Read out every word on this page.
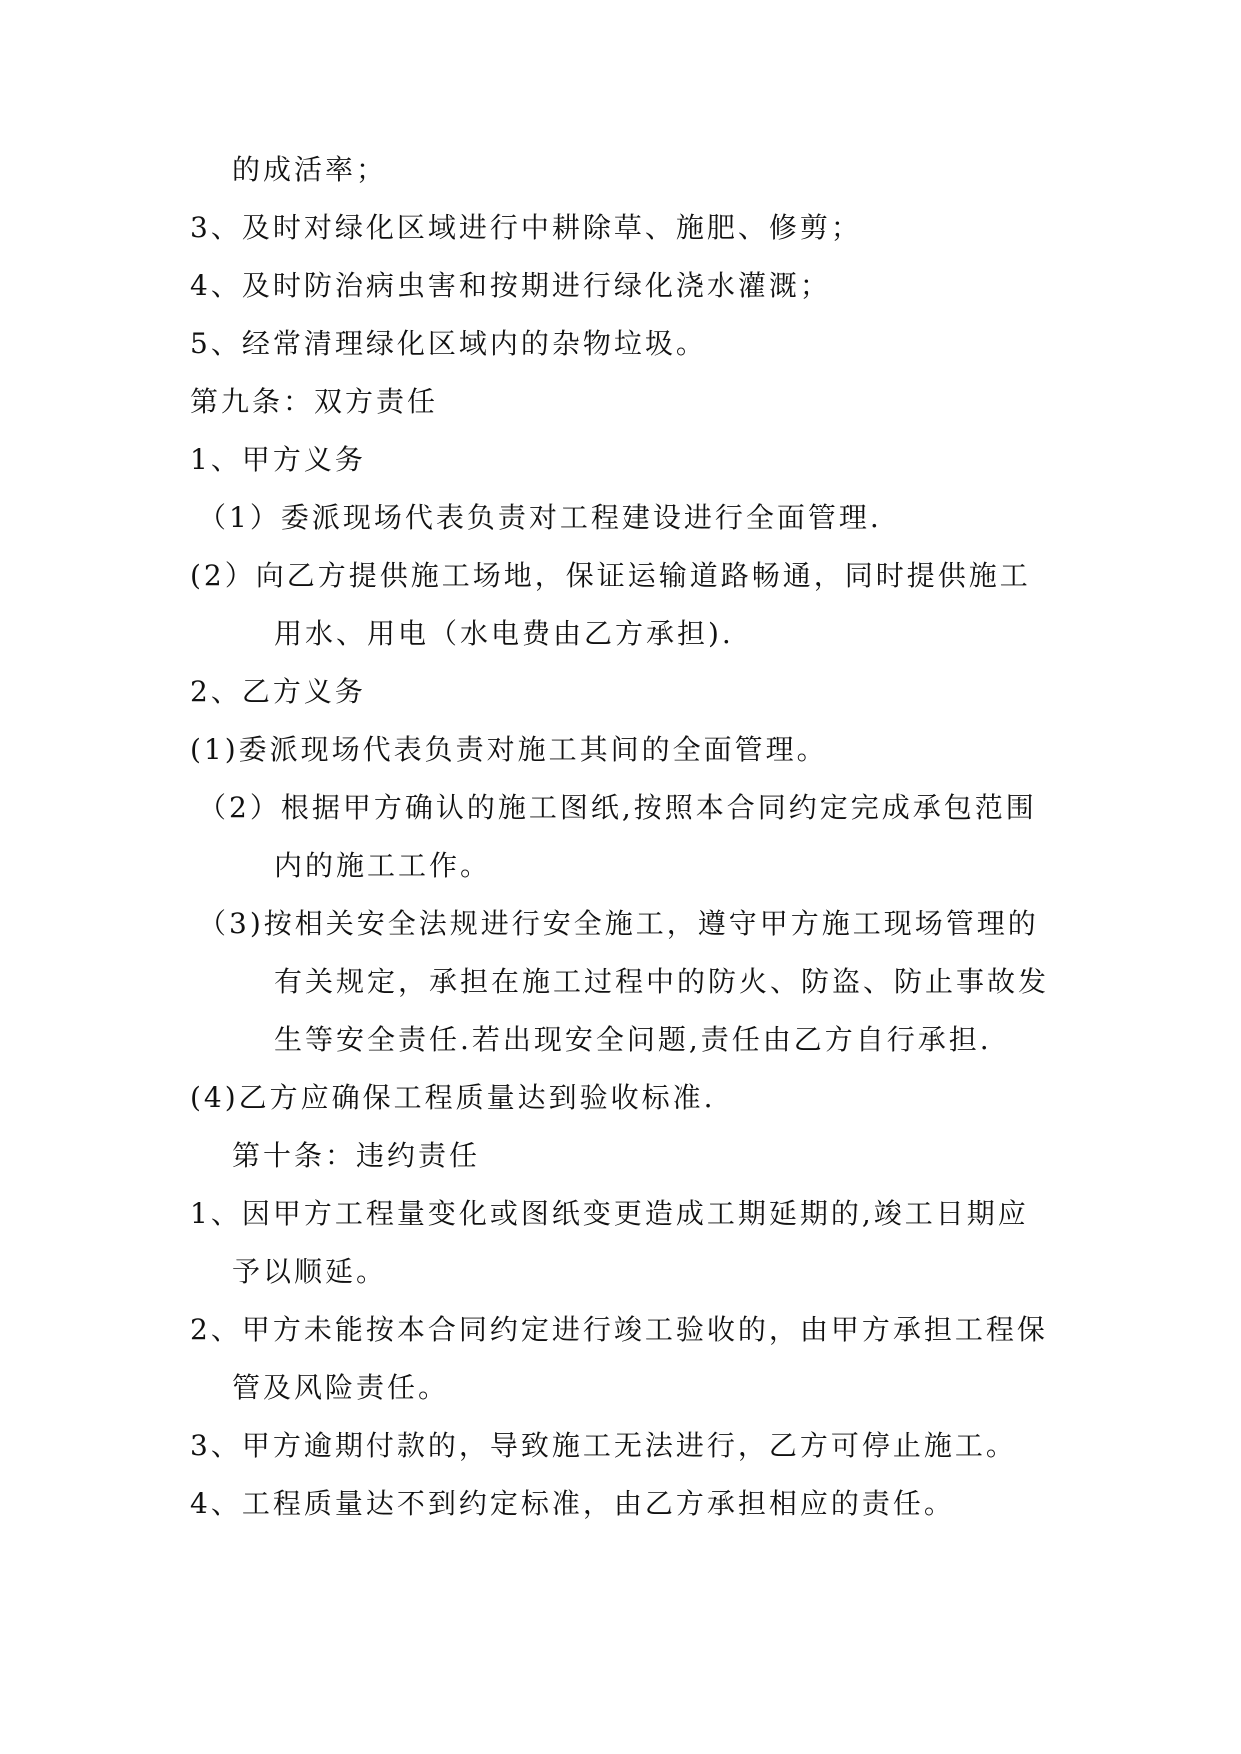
的成活率；
3、及时对绿化区域进行中耕除草、施肥、修剪；
4、及时防治病虫害和按期进行绿化浇水灌溉；
5、经常清理绿化区域内的杂物垃圾。
第九条：双方责任
1、甲方义务
（1）委派现场代表负责对工程建设进行全面管理.
(2）向乙方提供施工场地，保证运输道路畅通，同时提供施工
用水、用电（水电费由乙方承担).
2、乙方义务
(1)委派现场代表负责对施工其间的全面管理。
（2）根据甲方确认的施工图纸,按照本合同约定完成承包范围
内的施工工作。
（3)按相关安全法规进行安全施工，遵守甲方施工现场管理的
有关规定，承担在施工过程中的防火、防盗、防止事故发
生等安全责任.若出现安全问题,责任由乙方自行承担.
(4)乙方应确保工程质量达到验收标准.
第十条：违约责任
1、因甲方工程量变化或图纸变更造成工期延期的,竣工日期应
予以顺延。
2、甲方未能按本合同约定进行竣工验收的，由甲方承担工程保
管及风险责任。
3、甲方逾期付款的，导致施工无法进行，乙方可停止施工。
4、工程质量达不到约定标准，由乙方承担相应的责任。
